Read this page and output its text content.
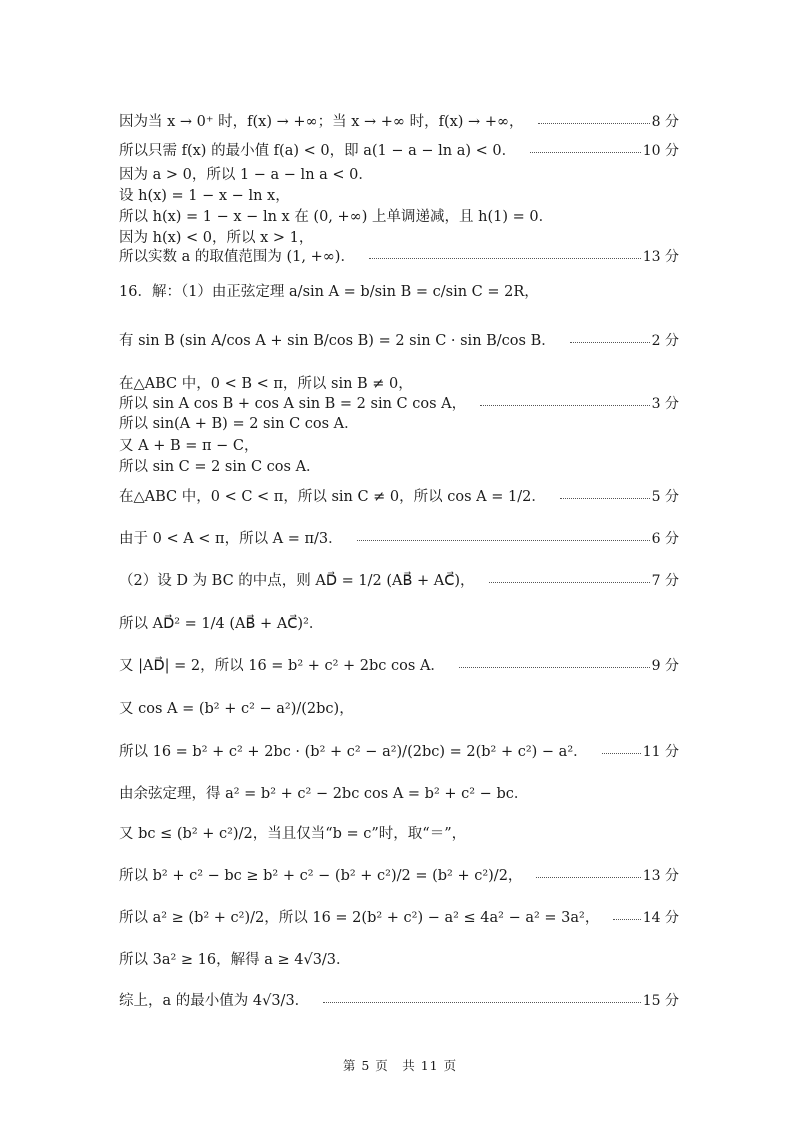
因为当 x → 0⁺ 时，f(x) → +∞；当 x → +∞ 时，f(x) → +∞，	8 分
所以只需 f(x) 的最小值 f(a) < 0，即 a(1 − a − ln a) < 0．	10 分
因为 a > 0，所以 1 − a − ln a < 0．
设 h(x) = 1 − x − ln x，
所以 h(x) = 1 − x − ln x 在 (0, +∞) 上单调递减，且 h(1) = 0．
因为 h(x) < 0，所以 x > 1，
所以实数 a 的取值范围为 (1, +∞)．	13 分
16．解：（1）由正弦定理 a/sin A = b/sin B = c/sin C = 2R，
有 sin B (sin A/cos A + sin B/cos B) = 2 sin C · sin B/cos B．	2 分
在△ABC 中，0 < B < π，所以 sin B ≠ 0，
所以 sin A cos B + cos A sin B = 2 sin C cos A，	3 分
所以 sin(A + B) = 2 sin C cos A．
又 A + B = π − C，
所以 sin C = 2 sin C cos A．
在△ABC 中，0 < C < π，所以 sin C ≠ 0，所以 cos A = 1/2．	5 分
由于 0 < A < π，所以 A = π/3．	6 分
（2）设 D 为 BC 的中点，则 AD⃗ = 1/2 (AB⃗ + AC⃗)，	7 分
所以 AD⃗² = 1/4 (AB⃗ + AC⃗)²．
又 |AD⃗| = 2，所以 16 = b² + c² + 2bc cos A．	9 分
又 cos A = (b² + c² − a²)/(2bc)，
所以 16 = b² + c² + 2bc · (b² + c² − a²)/(2bc) = 2(b² + c²) − a²．	11 分
由余弦定理，得 a² = b² + c² − 2bc cos A = b² + c² − bc．
又 bc ≤ (b² + c²)/2，当且仅当“b = c”时，取“＝”，
所以 b² + c² − bc ≥ b² + c² − (b² + c²)/2 = (b² + c²)/2，	13 分
所以 a² ≥ (b² + c²)/2，所以 16 = 2(b² + c²) − a² ≤ 4a² − a² = 3a²，	14 分
所以 3a² ≥ 16，解得 a ≥ 4√3/3．
综上，a 的最小值为 4√3/3．	15 分
第 5 页　共 11 页
